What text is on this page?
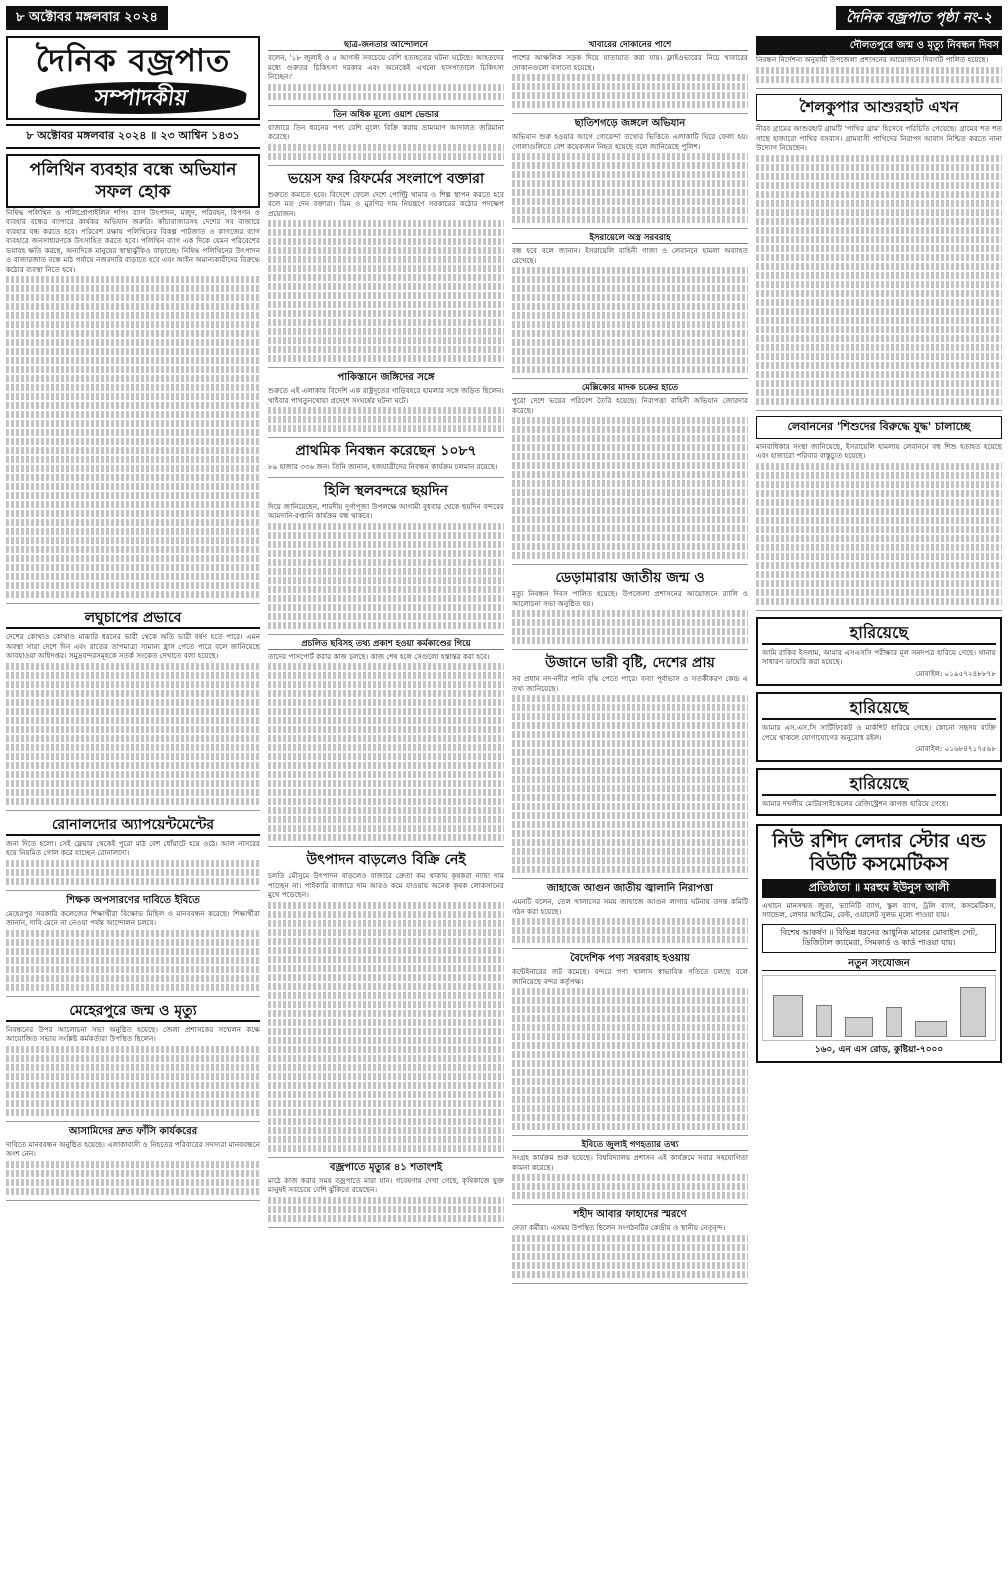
৮ অক্টোবর মঙ্গলবার ২০২৪	দৈনিক বজ্রপাত পৃষ্ঠা নং-২
দৈনিক বজ্রপাত
সম্পাদকীয়
৮ অক্টোবর মঙ্গলবার ২০২৪ ॥ ২৩ আশ্বিন ১৪৩১
পলিথিন ব্যবহার বন্ধে অভিযান সফল হোক

নিষিদ্ধ পলিথিন ও পলিপ্রোপাইলিন শপিং ব্যাগ উৎপাদন, মজুদ, পরিবহন, বিপণন ও ব্যবহার বন্ধের ব্যাপারে কার্যকর অভিযান জরুরি। কাঁচাবাজারসহ দেশের সব বাজারে ব্যবহার বন্ধ করতে হবে। পরিবেশ রক্ষায় পলিথিনের বিকল্প পাটজাত ও কাগজের ব্যাগ ব্যবহারে জনসাধারণকে উৎসাহিত করতে হবে। পলিথিন ব্যাগ এক দিকে যেমন পরিবেশের ভয়াবহ ক্ষতি করছে, অন্যদিকে মানুষের স্বাস্থ্যঝুঁকিও বাড়াচ্ছে। নিষিদ্ধ পলিথিনের উৎপাদন ও বাজারজাত বন্ধে মাঠ পর্যায়ে নজরদারি বাড়াতে হবে এবং আইন অমান্যকারীদের বিরুদ্ধে কঠোর ব্যবস্থা নিতে হবে।

লঘুচাপের প্রভাবে

দেশের কোথাও কোথাও মাঝারি ধরনের ভারী থেকে অতি ভারী বর্ষণ হতে পারে। এমন অবস্থা সারা দেশে দিন এবং রাতের তাপমাত্রা সামান্য হ্রাস পেতে পারে বলে জানিয়েছে আবহাওয়া অধিদপ্তর। সমুদ্রবন্দরসমূহকে সতর্ক সংকেত দেখাতে বলা হয়েছে।

রোনালদোর অ্যাপয়েন্টমেন্টের

জন্য দিতে হলো। সেই ফ্লেয়ার থেকেই পুরো মাঠ বেশ ধোঁয়াটে হয়ে ওঠে। আল নাসরের হয়ে নিয়মিত গোল করে যাচ্ছেন রোনালদো।

শিক্ষক অপসারণের দাবিতে ইবিতে

মেহেরপুর সরকারি কলেজের শিক্ষার্থীরা বিক্ষোভ মিছিল ও মানববন্ধন করেছে। শিক্ষার্থীরা জানান, দাবি মেনে না নেওয়া পর্যন্ত আন্দোলন চলবে।

মেহেরপুরে জন্ম ও মৃত্যু

নিবন্ধনের উপর আলোচনা সভা অনুষ্ঠিত হয়েছে। জেলা প্রশাসকের সম্মেলন কক্ষে আয়োজিত সভায় সংশ্লিষ্ট কর্মকর্তারা উপস্থিত ছিলেন।

আসামিদের দ্রুত ফাঁসি কার্যকরের

দাবিতে মানববন্ধন অনুষ্ঠিত হয়েছে। এলাকাবাসী ও নিহতের পরিবারের সদস্যরা মানববন্ধনে অংশ নেন।

ছাত্র-জনতার আন্দোলনে

বলেন, '১৮ জুলাই ও ৫ আগস্ট সবচেয়ে বেশি হতাহতের ঘটনা ঘটেছে। আহতদের মধ্যে গুরুতর চিকিৎসা দরকার এবং অনেকেই এখনো হাসপাতালে চিকিৎসা নিচ্ছেন।'

তিন অধিক মূল্যে ওয়াশ ভেন্ডার

বাজারে তিন ধরনের পণ্য বেশি মূল্যে বিক্রি করায় ভ্রাম্যমাণ আদালত জরিমানা করেছে।

ভয়েস ফর রিফর্মের সংলাপে বক্তারা

শুরুতে কমাতে হবে। বিদেশে ফেলে দেশে পোল্ট্রি খামার ও শিল্প স্থাপন করতে হবে বলে মত দেন বক্তারা। ডিম ও মুরগির দাম নিয়ন্ত্রণে সরকারের কঠোর পদক্ষেপ প্রয়োজন।

পাকিস্তানে জঙ্গিদের সঙ্গে

শুরুতে এই এলাকায় বিদেশি এক রাষ্ট্রদূতের গাড়িবহরে হামলার সঙ্গে জড়িত ছিলেন। খাইবার পাখতুনখোয়া প্রদেশে সংঘর্ষের ঘটনা ঘটে।

প্রাথমিক নিবন্ধন করেছেন ১০৮৭

৮৯ হাজার ৩৩৬ জন। তিনি জানান, হজযাত্রীদের নিবন্ধন কার্যক্রম চলমান রয়েছে।

হিলি স্থলবন্দরে ছয়দিন

দিয়ে জানিয়েছেন, শারদীয় দুর্গাপূজা উপলক্ষে আগামী বুধবার থেকে ছয়দিন বন্দরের আমদানি-রপ্তানি কার্যক্রম বন্ধ থাকবে।

প্রচলিত ছবিসহ তথ্য প্রকাশ হওয়া কর্মকাণ্ডের গিয়ে

তাদের পাসপোর্ট করার কাজ চলছে। কাজ শেষ হলে সেগুলো হস্তান্তর করা হবে।

উৎপাদন বাড়লেও বিক্রি নেই

চলতি মৌসুমে উৎপাদন বাড়লেও বাজারে ক্রেতা কম থাকায় কৃষকরা ন্যায্য দাম পাচ্ছেন না। পাইকারি বাজারে দাম আরও কমে যাওয়ায় অনেক কৃষক লোকসানের মুখে পড়েছেন।

বজ্রপাতে মৃত্যুর ৪১ শতাংশই

মাঠে কাজ করার সময় বজ্রপাতে মারা যান। গবেষণায় দেখা গেছে, কৃষিকাজে যুক্ত মানুষই সবচেয়ে বেশি ঝুঁকিতে রয়েছেন।

খাবারের দোকানের পাশে

পাশের আঞ্চলিক সড়ক দিয়ে যাতায়াত করা যায়। ফ্লাইওভারের নিচে খাবারের দোকানগুলো বসানো হয়েছে।

ছাতিশগড়ে জঙ্গলে অভিযান

অভিযান শুরু হওয়ার আগে গোয়েন্দা তথ্যের ভিত্তিতে এলাকাটি ঘিরে ফেলা হয়। গোলাগুলিতে বেশ কয়েকজন নিহত হয়েছে বলে জানিয়েছে পুলিশ।

ইসরায়েলে অস্ত্র সরবরাহ

বন্ধ হবে বলে জানান। ইসরায়েলি বাহিনী গাজা ও লেবাননে হামলা অব্যাহত রেখেছে।

মেক্সিকোর মাদক চক্রের হাতে

পুরো দেশে ভয়ের পরিবেশ তৈরি হয়েছে। নিরাপত্তা বাহিনী অভিযান জোরদার করেছে।

ডেড়ামারায় জাতীয় জন্ম ও

মৃত্যু নিবন্ধন দিবস পালিত হয়েছে। উপজেলা প্রশাসনের আয়োজনে র‍্যালি ও আলোচনা সভা অনুষ্ঠিত হয়।

উজানে ভারী বৃষ্টি, দেশের প্রায়

সব প্রধান নদ-নদীর পানি বৃদ্ধি পেতে পারে। বন্যা পূর্বাভাস ও সতর্কীকরণ কেন্দ্র এ তথ্য জানিয়েছে।

জাহাজে আগুন জাতীয় জ্বালানি নিরাপত্তা

এমনটি বলেন, তেল খালাসের সময় জাহাজে আগুন লাগার ঘটনায় তদন্ত কমিটি গঠন করা হয়েছে।

বৈদেশিক পণ্য সরবরাহ হওয়ায়

কন্টেইনারের জট কমেছে। বন্দরে পণ্য খালাস স্বাভাবিক গতিতে চলছে বলে জানিয়েছে বন্দর কর্তৃপক্ষ।

ইবিতে জুলাই গণহত্যার তথ্য

সংগ্রহ কার্যক্রম শুরু হয়েছে। বিশ্ববিদ্যালয় প্রশাসন এই কার্যক্রমে সবার সহযোগিতা কামনা করেছে।

শহীদ আবার ফাহাদের স্মরণে

নেতা কর্মীরা। এসময় উপস্থিত ছিলেন সংগঠনটির কেন্দ্রীয় ও স্থানীয় নেতৃবৃন্দ।

দৌলতপুরে জন্ম ও মৃত্যু নিবন্ধন দিবস

নিবন্ধন নির্দেশনা অনুযায়ী উপজেলা প্রশাসনের আয়োজনে দিবসটি পালিত হয়েছে।

শৈলকুপার আশুরহাট এখন

নীরব গ্রামের আশুরহাট গ্রামটি 'পাখির গ্রাম' হিসেবে পরিচিতি পেয়েছে। গ্রামের শত শত গাছে হাজারো পাখির বসবাস। গ্রামবাসী পাখিদের নিরাপদ আবাস নিশ্চিত করতে নানা উদ্যোগ নিয়েছেন।

লেবাননের 'শিশুদের বিরুদ্ধে যুদ্ধ' চালাচ্ছে

মানবাধিকার সংস্থা জানিয়েছে, ইসরায়েলি হামলায় লেবাননে বহু শিশু হতাহত হয়েছে এবং হাজারো পরিবার বাস্তুচ্যুত হয়েছে।

হারিয়েছে

আমি রাকিব ইসলাম, আমার এসএসসি পরীক্ষার মূল সনদপত্র হারিয়ে গেছে। থানায় সাধারণ ডায়েরি করা হয়েছে।

মোবাইল: ০১৯৫৭২৪৮৮৭৮

হারিয়েছে

আমার এস.এস.সি সার্টিফিকেট ও মার্কশিট হারিয়ে গেছে। কোনো সহৃদয় ব্যক্তি পেয়ে থাকলে যোগাযোগের অনুরোধ রইল।

মোবাইল: ০১৬৮৪৭১৭৫৬৮

হারিয়েছে

আমার দখলীয় মোটরসাইকেলের রেজিস্ট্রেশন কাগজ হারিয়ে গেছে।

নিউ রশিদ লেদার স্টোর এন্ড বিউটি কসমেটিকস
প্রতিষ্ঠাতা ॥ মরহুম ইউনুস আলী
এখানে মানসম্মত জুতা, ভ্যানিটি ব্যাগ, স্কুল ব্যাগ, ট্রলি ব্যাগ, কসমেটিকস, স্যান্ডেল, লেদার আইটেম, বেল্ট, ওয়ালেট সুলভ মূল্যে পাওয়া যায়।
বিশেষ আকর্ষণ ॥ বিভিন্ন ধরনের আধুনিক মানের মোবাইল সেট, ডিজিটাল ক্যামেরা, সিমকার্ড ও কার্ড পাওয়া যায়।
নতুন সংযোজন
১৬০, এন এস রোড, কুষ্টিয়া-৭০০০
